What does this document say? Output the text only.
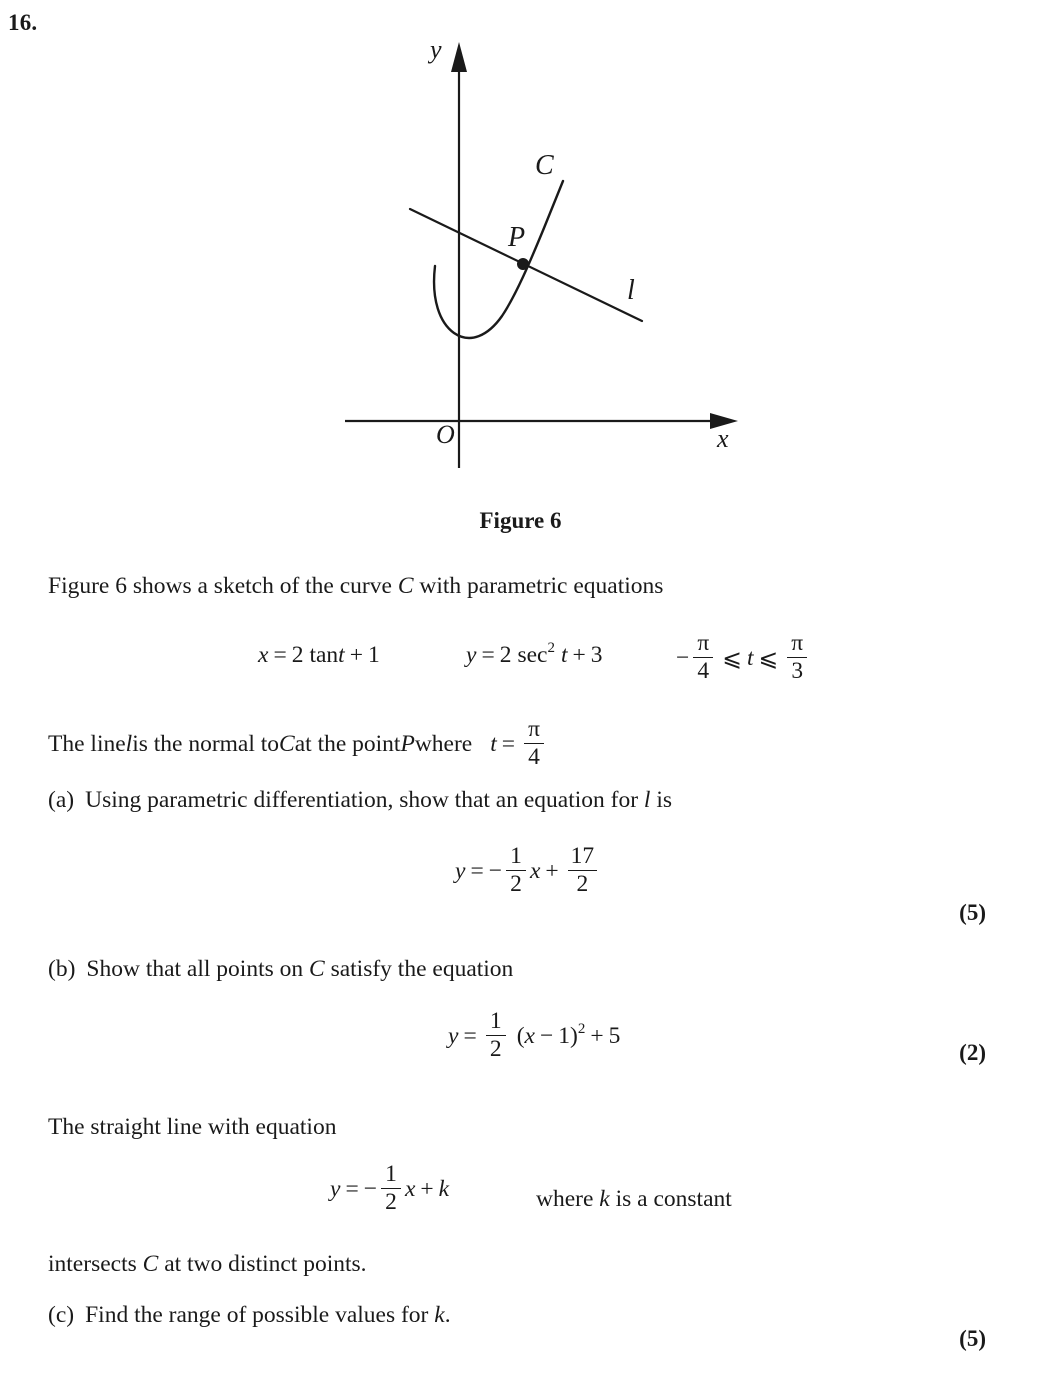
16.
y
x
O
C
P
l
Figure 6
Figure 6 shows a sketch of the curve C with parametric equations
x = 2 tan t + 1	y = 2 sec 2 t + 3	− $\frac{\pi}{4}$ ⩽ t ⩽ $\frac{\pi}{3}$
The line l is the normal to C at the point P where $t = \frac{\pi}{4}$
(a) Using parametric differentiation, show that an equation for l is
y = − $\frac{1}{2}$ $x + \frac{17}{2}$
(5)
(b) Show that all points on C satisfy the equation
$y = \frac{1}{2}$ ( x − 1) 2 + 5
(2)
The straight line with equation
y = − $\frac{1}{2}$ x + k	where k is a constant
intersects C at two distinct points.
(c) Find the range of possible values for k.
(5)
